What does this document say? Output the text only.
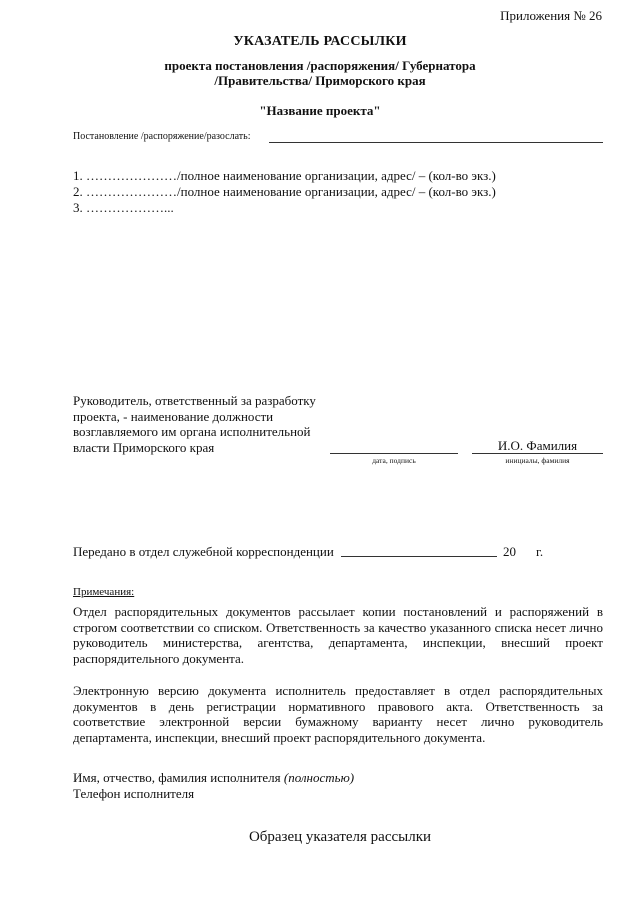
Приложения № 26
УКАЗАТЕЛЬ РАССЫЛКИ
проекта постановления /распоряжения/ Губернатора
/Правительства/ Приморского края
"Название проекта"
Постановление /распоряжение/разослать:
1. …………………/полное наименование организации, адрес/ – (кол-во экз.)
2. …………………/полное наименование организации, адрес/ – (кол-во экз.)
3. ………………...
Руководитель, ответственный за разработку
проекта, - наименование должности
возглавляемого им органа исполнительной
власти Приморского края	И.О. Фамилия
дата, подпись	инициалы, фамилия
Передано в отдел служебной корреспонденции	20 г.
Примечания:
Отдел распорядительных документов рассылает копии постановлений и распоряжений в строгом соответствии со списком. Ответственность за качество указанного списка несет лично руководитель министерства, агентства, департамента, инспекции, внесший проект распорядительного документа.
Электронную версию документа исполнитель предоставляет в отдел распорядительных документов в день регистрации нормативного правового акта. Ответственность за соответствие электронной версии бумажному варианту несет лично руководитель департамента, инспекции, внесший проект распорядительного документа.
Имя, отчество, фамилия исполнителя (полностью)
Телефон исполнителя
Образец указателя рассылки
